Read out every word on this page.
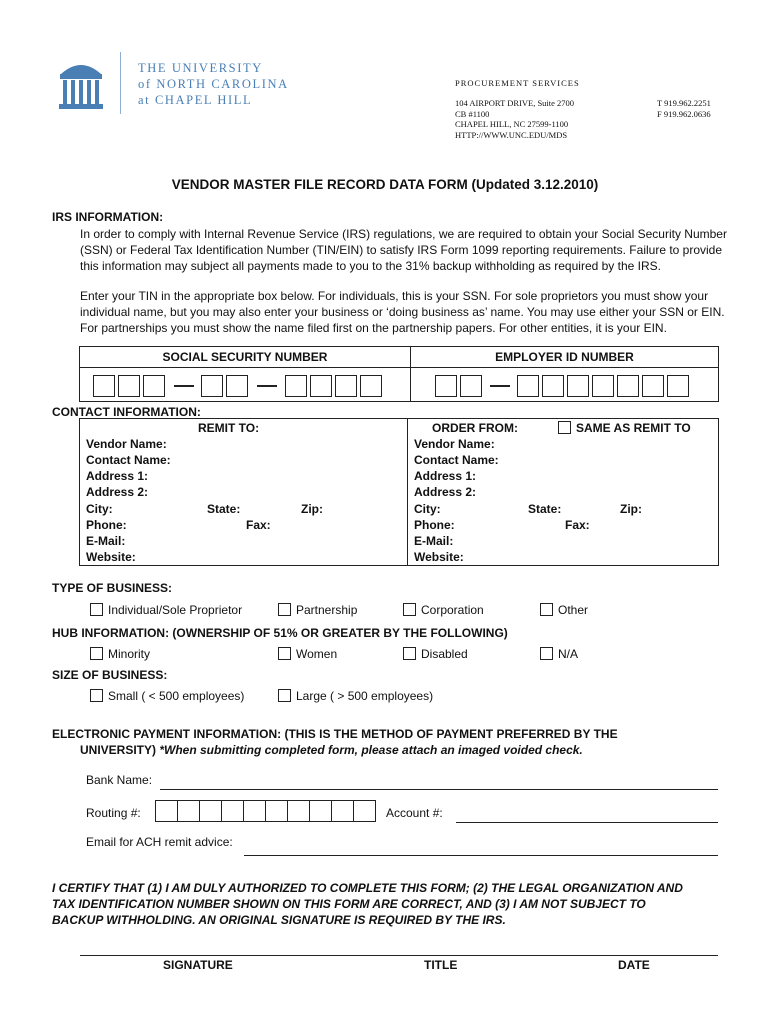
THE UNIVERSITY
of NORTH CAROLINA
at CHAPEL HILL
PROCUREMENT SERVICES
104 AIRPORT DRIVE, Suite 2700
CB #1100
CHAPEL HILL, NC 27599-1100
HTTP://WWW.UNC.EDU/MDS
T 919.962.2251
F 919.962.0636
VENDOR MASTER FILE RECORD DATA FORM (Updated 3.12.2010)
IRS INFORMATION:
In order to comply with Internal Revenue Service (IRS) regulations, we are required to obtain your Social Security Number
(SSN) or Federal Tax Identification Number (TIN/EIN) to satisfy IRS Form 1099 reporting requirements. Failure to provide
this information may subject all payments made to you to the 31% backup withholding as required by the IRS.
Enter your TIN in the appropriate box below. For individuals, this is your SSN. For sole proprietors you must show your
individual name, but you may also enter your business or ‘doing business as’ name. You may use either your SSN or EIN.
For partnerships you must show the name filed first on the partnership papers. For other entities, it is your EIN.
SOCIAL SECURITY NUMBER	EMPLOYER ID NUMBER
CONTACT INFORMATION:
REMIT TO:
Vendor Name:
Contact Name:
Address 1:
Address 2:
City:	State:	Zip:
Phone:	Fax:
E-Mail:
Website:
ORDER FROM:	SAME AS REMIT TO
Vendor Name:
Contact Name:
Address 1:
Address 2:
City:	State:	Zip:
Phone:	Fax:
E-Mail:
Website:
TYPE OF BUSINESS:
Individual/Sole Proprietor	Partnership	Corporation	Other
HUB INFORMATION: (OWNERSHIP OF 51% OR GREATER BY THE FOLLOWING)
Minority	Women	Disabled	N/A
SIZE OF BUSINESS:
Small ( < 500 employees)	Large ( > 500 employees)
ELECTRONIC PAYMENT INFORMATION: (THIS IS THE METHOD OF PAYMENT PREFERRED BY THE
UNIVERSITY) *When submitting completed form, please attach an imaged voided check.
Bank Name:
Routing #:	Account #:
Email for ACH remit advice:
I CERTIFY THAT (1) I AM DULY AUTHORIZED TO COMPLETE THIS FORM; (2) THE LEGAL ORGANIZATION AND
TAX IDENTIFICATION NUMBER SHOWN ON THIS FORM ARE CORRECT, AND (3) I AM NOT SUBJECT TO
BACKUP WITHHOLDING. AN ORIGINAL SIGNATURE IS REQUIRED BY THE IRS.
SIGNATURE	TITLE	DATE
